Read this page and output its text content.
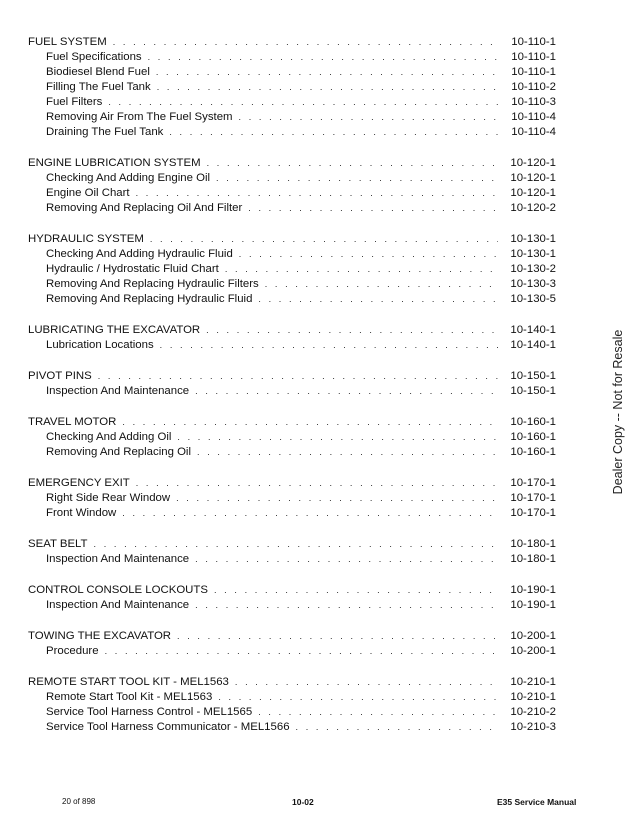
FUEL SYSTEM . . .	10-110-1
Fuel Specifications . . .	10-110-1
Biodiesel Blend Fuel . . .	10-110-1
Filling The Fuel Tank . . .	10-110-2
Fuel Filters . . .	10-110-3
Removing Air From The Fuel System . . .	10-110-4
Draining The Fuel Tank . . .	10-110-4
ENGINE LUBRICATION SYSTEM . . .	10-120-1
Checking And Adding Engine Oil . . .	10-120-1
Engine Oil Chart . . .	10-120-1
Removing And Replacing Oil And Filter . . .	10-120-2
HYDRAULIC SYSTEM . . .	10-130-1
Checking And Adding Hydraulic Fluid . . .	10-130-1
Hydraulic / Hydrostatic Fluid Chart . . .	10-130-2
Removing And Replacing Hydraulic Filters . . .	10-130-3
Removing And Replacing Hydraulic Fluid . . .	10-130-5
LUBRICATING THE EXCAVATOR . . .	10-140-1
Lubrication Locations . . .	10-140-1
PIVOT PINS . . .	10-150-1
Inspection And Maintenance . . .	10-150-1
TRAVEL MOTOR . . .	10-160-1
Checking And Adding Oil . . .	10-160-1
Removing And Replacing Oil . . .	10-160-1
EMERGENCY EXIT . . .	10-170-1
Right Side Rear Window . . .	10-170-1
Front Window . . .	10-170-1
SEAT BELT . . .	10-180-1
Inspection And Maintenance . . .	10-180-1
CONTROL CONSOLE LOCKOUTS . . .	10-190-1
Inspection And Maintenance . . .	10-190-1
TOWING THE EXCAVATOR . . .	10-200-1
Procedure . . .	10-200-1
REMOTE START TOOL KIT - MEL1563 . . .	10-210-1
Remote Start Tool Kit - MEL1563 . . .	10-210-1
Service Tool Harness Control - MEL1565 . . .	10-210-2
Service Tool Harness Communicator - MEL1566 . . .	10-210-3
Dealer Copy -- Not for Resale
20 of 898	10-02	E35 Service Manual
